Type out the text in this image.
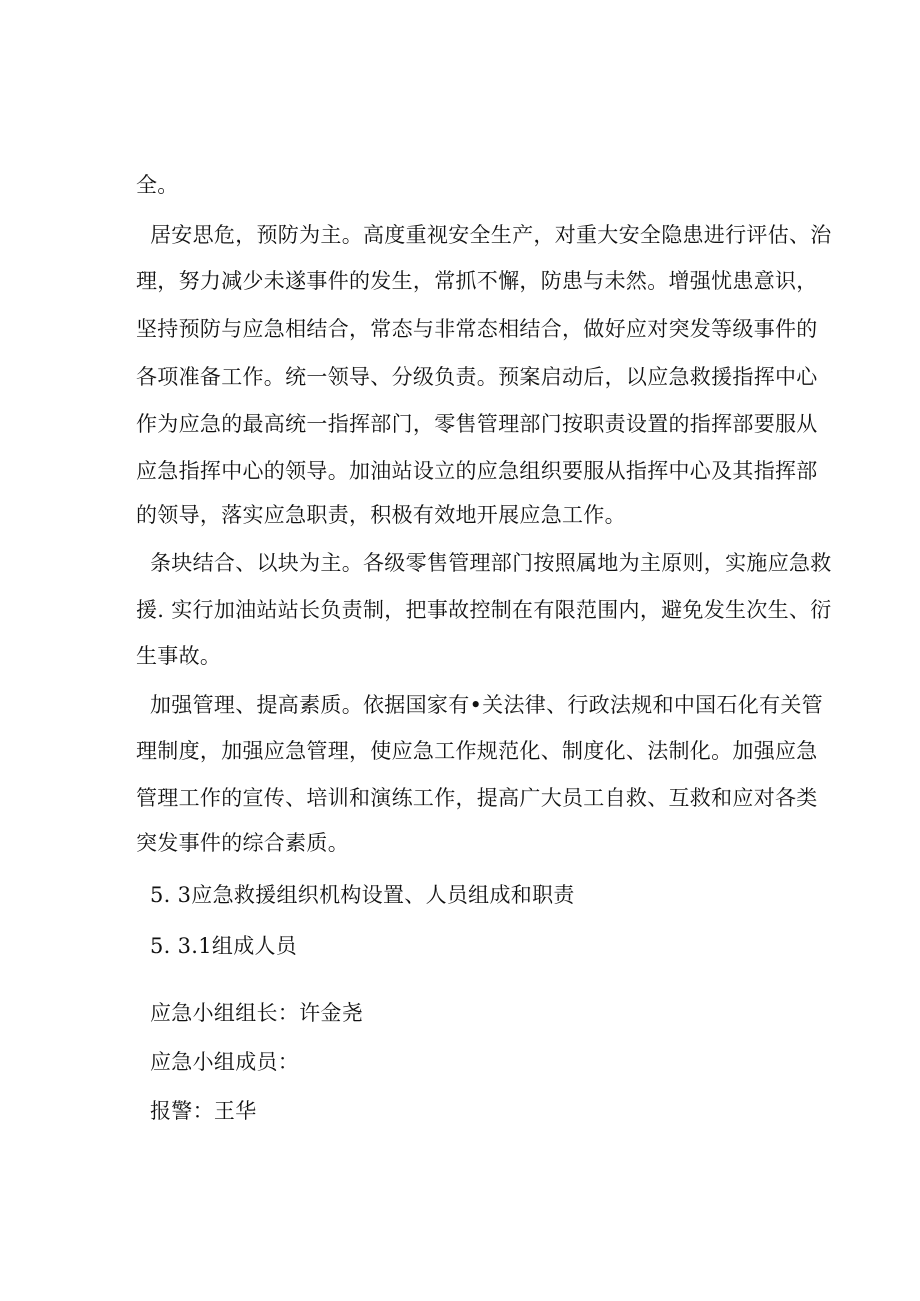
全。
居安思危，预防为主。高度重视安全生产，对重大安全隐患进行评估、治
理，努力减少未遂事件的发生，常抓不懈，防患与未然。增强忧患意识，
坚持预防与应急相结合，常态与非常态相结合，做好应对突发等级事件的
各项准备工作。统一领导、分级负责。预案启动后，以应急救援指挥中心
作为应急的最高统一指挥部门，零售管理部门按职责设置的指挥部要服从
应急指挥中心的领导。加油站设立的应急组织要服从指挥中心及其指挥部
的领导，落实应急职责，积极有效地开展应急工作。
条块结合、以块为主。各级零售管理部门按照属地为主原则，实施应急救
援. 实行加油站站长负责制，把事故控制在有限范围内，避免发生次生、衍
生事故。
加强管理、提高素质。依据国家有•关法律、行政法规和中国石化有关管
理制度，加强应急管理，使应急工作规范化、制度化、法制化。加强应急
管理工作的宣传、培训和演练工作，提高广大员工自救、互救和应对各类
突发事件的综合素质。
5. 3应急救援组织机构设置、人员组成和职责
5. 3.1组成人员
应急小组组长：许金尧
应急小组成员：
报警：王华
